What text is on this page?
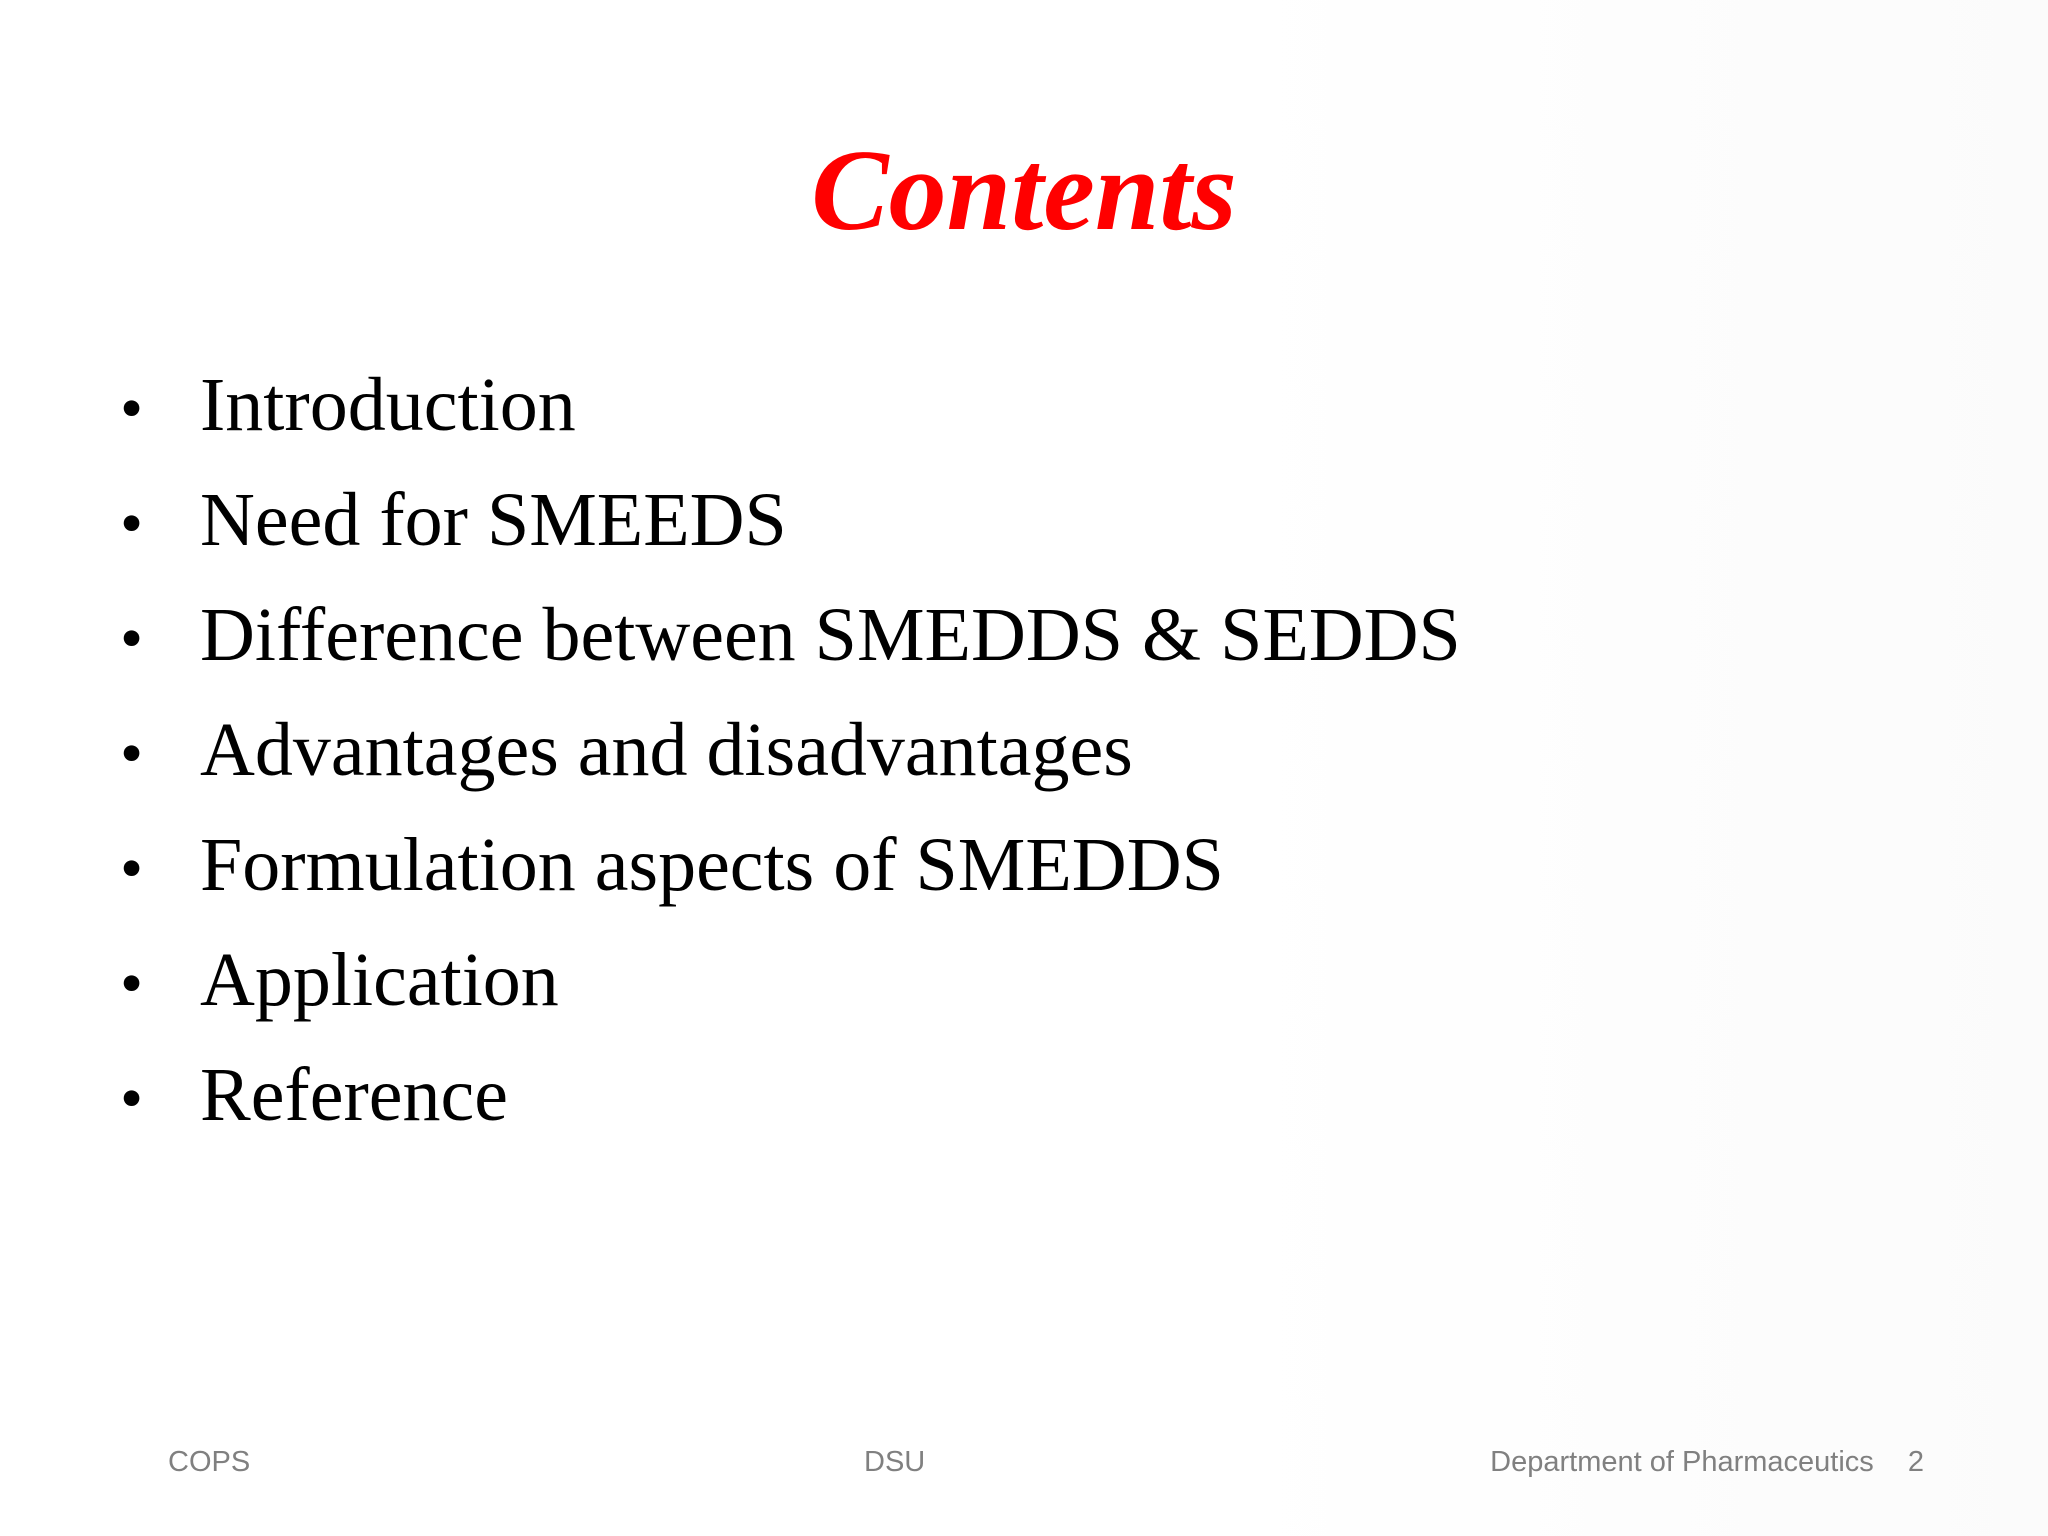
Contents
• Introduction
• Need for SMEEDS
• Difference between SMEDDS & SEDDS
• Advantages and disadvantages
• Formulation aspects of SMEDDS
• Application
• Reference
COPS	DSU	Department of Pharmaceutics 2
